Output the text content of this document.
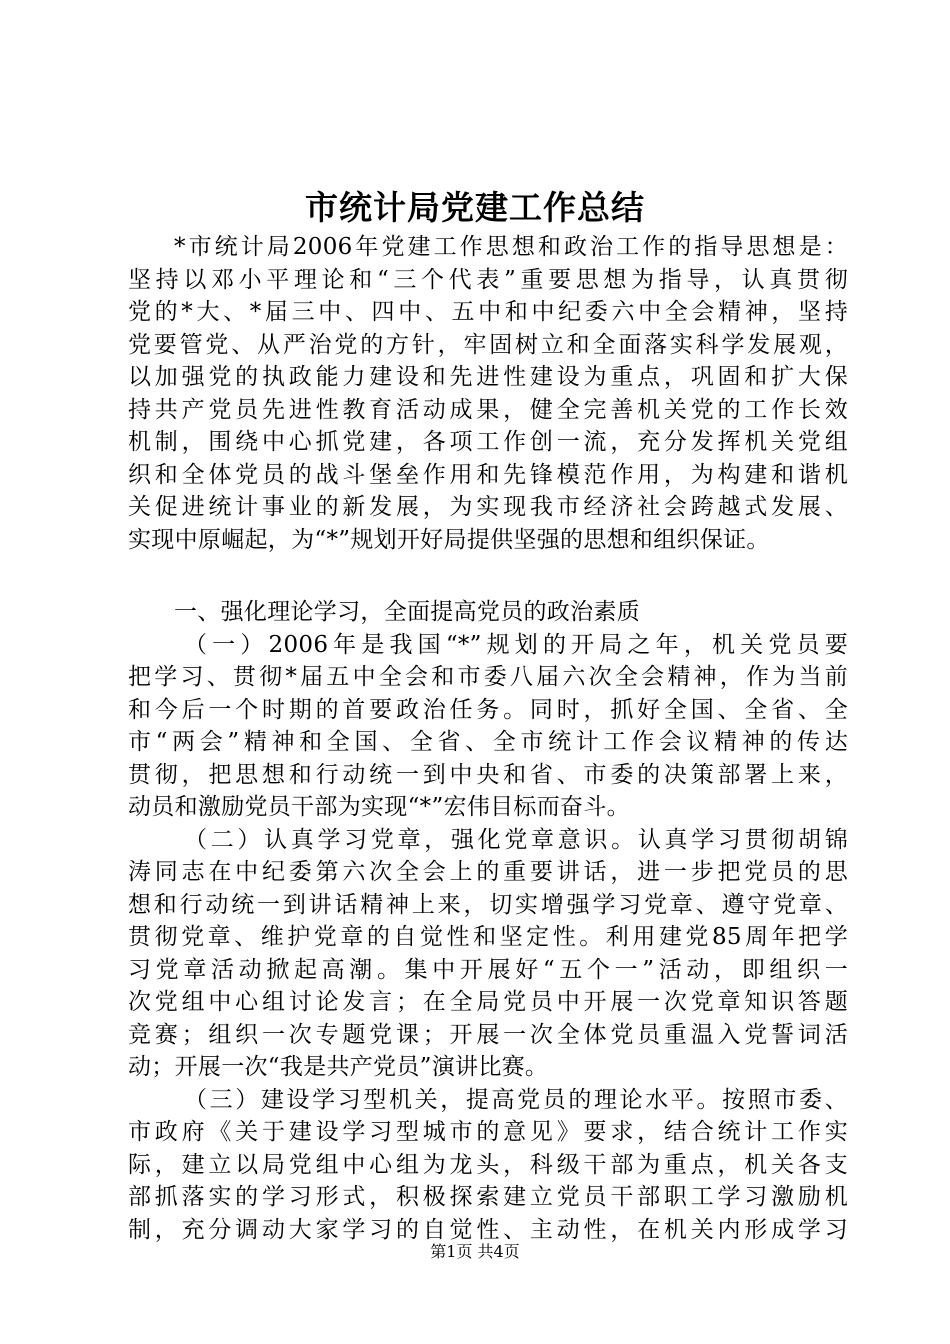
市统计局党建工作总结
*市统计局2006年党建工作思想和政治工作的指导思想是：
坚持以邓小平理论和“三个代表”重要思想为指导，认真贯彻
党的*大、*届三中、四中、五中和中纪委六中全会精神，坚持
党要管党、从严治党的方针，牢固树立和全面落实科学发展观，
以加强党的执政能力建设和先进性建设为重点，巩固和扩大保
持共产党员先进性教育活动成果，健全完善机关党的工作长效
机制，围绕中心抓党建，各项工作创一流，充分发挥机关党组
织和全体党员的战斗堡垒作用和先锋模范作用，为构建和谐机
关促进统计事业的新发展，为实现我市经济社会跨越式发展、
实现中原崛起，为“*”规划开好局提供坚强的思想和组织保证。
一、强化理论学习，全面提高党员的政治素质
（一）2006年是我国“*”规划的开局之年，机关党员要
把学习、贯彻*届五中全会和市委八届六次全会精神，作为当前
和今后一个时期的首要政治任务。同时，抓好全国、全省、全
市“两会”精神和全国、全省、全市统计工作会议精神的传达
贯彻，把思想和行动统一到中央和省、市委的决策部署上来，
动员和激励党员干部为实现“*”宏伟目标而奋斗。
（二）认真学习党章，强化党章意识。认真学习贯彻胡锦
涛同志在中纪委第六次全会上的重要讲话，进一步把党员的思
想和行动统一到讲话精神上来，切实增强学习党章、遵守党章、
贯彻党章、维护党章的自觉性和坚定性。利用建党85周年把学
习党章活动掀起高潮。集中开展好“五个一”活动，即组织一
次党组中心组讨论发言；在全局党员中开展一次党章知识答题
竞赛；组织一次专题党课；开展一次全体党员重温入党誓词活
动；开展一次“我是共产党员”演讲比赛。
（三）建设学习型机关，提高党员的理论水平。按照市委、
市政府《关于建设学习型城市的意见》要求，结合统计工作实
际，建立以局党组中心组为龙头，科级干部为重点，机关各支
部抓落实的学习形式，积极探索建立党员干部职工学习激励机
制，充分调动大家学习的自觉性、主动性，在机关内形成学习
第1页 共4页
